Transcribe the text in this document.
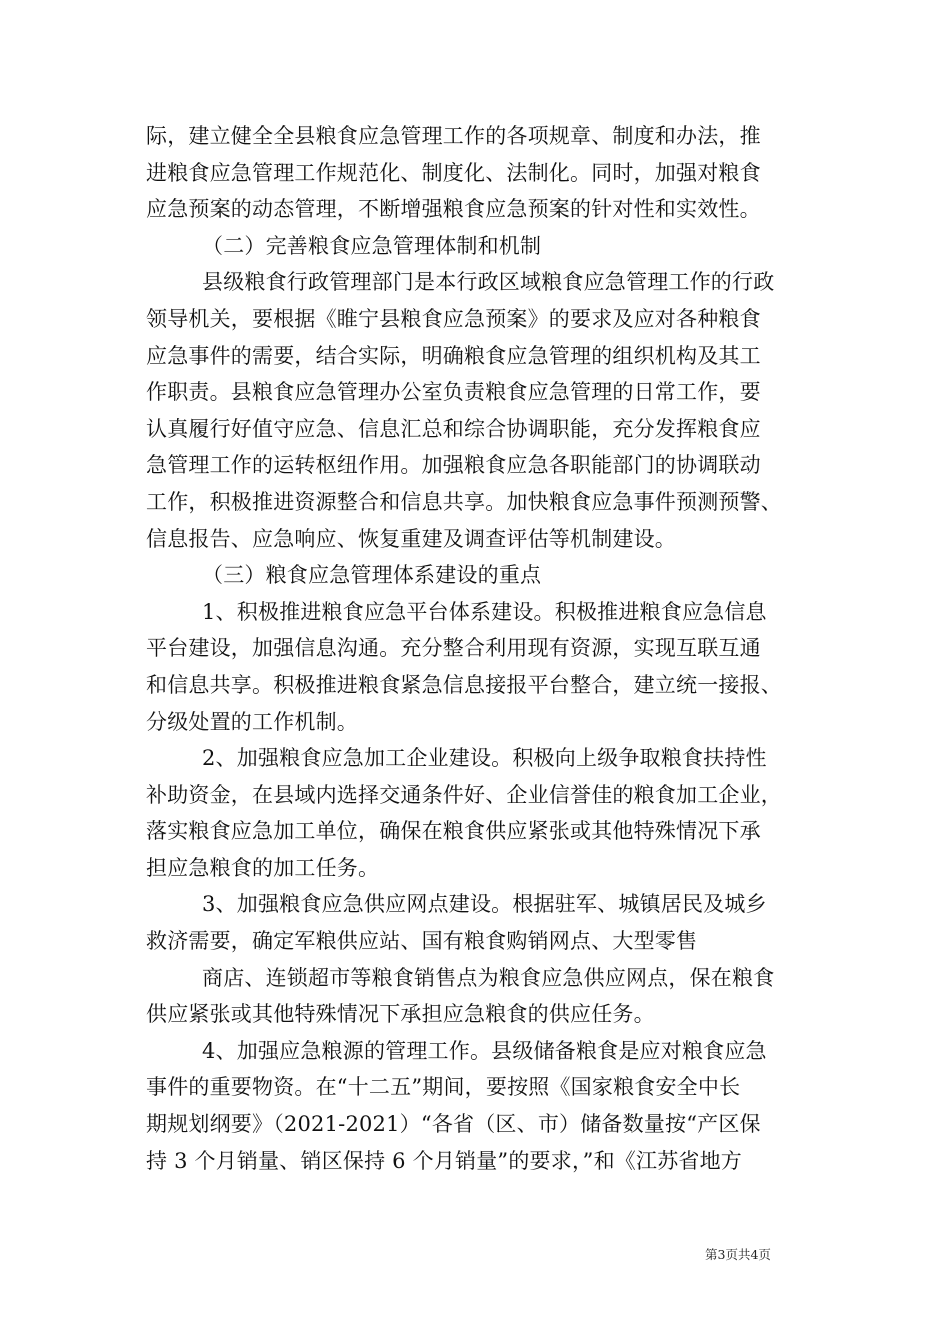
际，建立健全全县粮食应急管理工作的各项规章、制度和办法，推
进粮食应急管理工作规范化、制度化、法制化。同时，加强对粮食
应急预案的动态管理，不断增强粮食应急预案的针对性和实效性。
（二）完善粮食应急管理体制和机制
县级粮食行政管理部门是本行政区域粮食应急管理工作的行政
领导机关，要根据《睢宁县粮食应急预案》的要求及应对各种粮食
应急事件的需要，结合实际，明确粮食应急管理的组织机构及其工
作职责。县粮食应急管理办公室负责粮食应急管理的日常工作，要
认真履行好值守应急、信息汇总和综合协调职能，充分发挥粮食应
急管理工作的运转枢纽作用。加强粮食应急各职能部门的协调联动
工作，积极推进资源整合和信息共享。加快粮食应急事件预测预警、
信息报告、应急响应、恢复重建及调查评估等机制建设。
（三）粮食应急管理体系建设的重点
1、积极推进粮食应急平台体系建设。积极推进粮食应急信息
平台建设，加强信息沟通。充分整合利用现有资源，实现互联互通
和信息共享。积极推进粮食紧急信息接报平台整合，建立统一接报、
分级处置的工作机制。
2、加强粮食应急加工企业建设。积极向上级争取粮食扶持性
补助资金，在县域内选择交通条件好、企业信誉佳的粮食加工企业，
落实粮食应急加工单位，确保在粮食供应紧张或其他特殊情况下承
担应急粮食的加工任务。
3、加强粮食应急供应网点建设。根据驻军、城镇居民及城乡
救济需要，确定军粮供应站、国有粮食购销网点、大型零售
商店、连锁超市等粮食销售点为粮食应急供应网点，保在粮食
供应紧张或其他特殊情况下承担应急粮食的供应任务。
4、加强应急粮源的管理工作。县级储备粮食是应对粮食应急
事件的重要物资。在“十二五”期间，要按照《国家粮食安全中长
期规划纲要》（2021-2021）“各省（区、市）储备数量按“产区保
持 3 个月销量、销区保持 6 个月销量”的要求，”和《江苏省地方
第3页共4页
